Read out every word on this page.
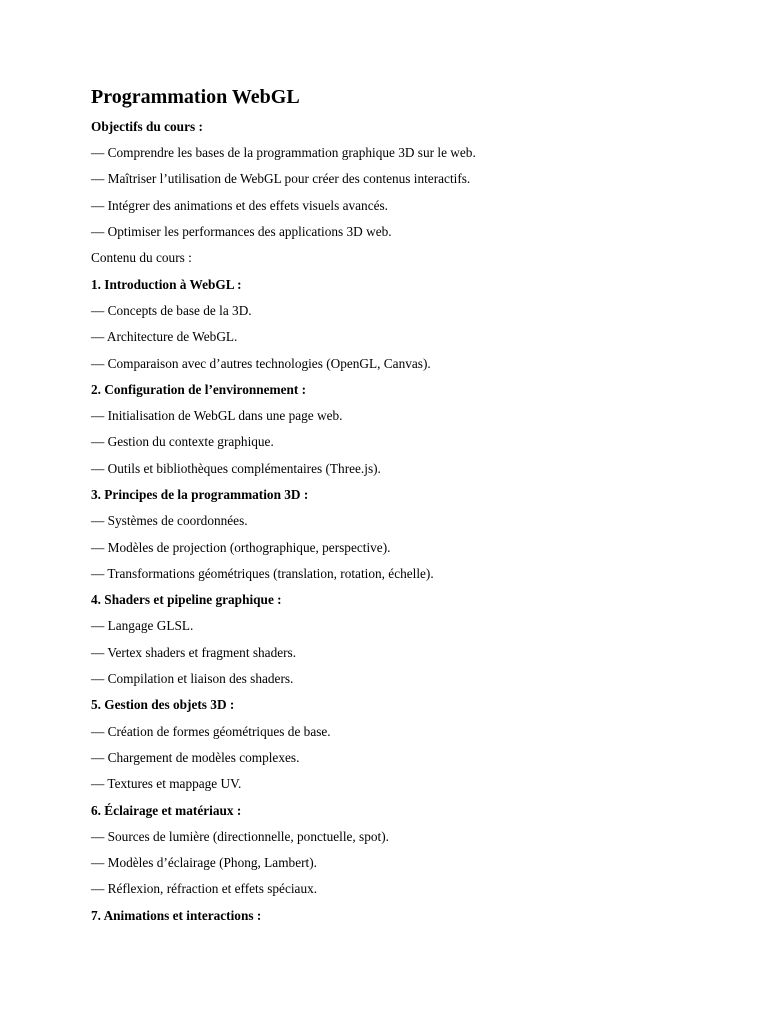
Programmation WebGL
Objectifs du cours :
— Comprendre les bases de la programmation graphique 3D sur le web.
— Maîtriser l’utilisation de WebGL pour créer des contenus interactifs.
— Intégrer des animations et des effets visuels avancés.
— Optimiser les performances des applications 3D web.
Contenu du cours :
1. Introduction à WebGL :
— Concepts de base de la 3D.
— Architecture de WebGL.
— Comparaison avec d’autres technologies (OpenGL, Canvas).
2. Configuration de l’environnement :
— Initialisation de WebGL dans une page web.
— Gestion du contexte graphique.
— Outils et bibliothèques complémentaires (Three.js).
3. Principes de la programmation 3D :
— Systèmes de coordonnées.
— Modèles de projection (orthographique, perspective).
— Transformations géométriques (translation, rotation, échelle).
4. Shaders et pipeline graphique :
— Langage GLSL.
— Vertex shaders et fragment shaders.
— Compilation et liaison des shaders.
5. Gestion des objets 3D :
— Création de formes géométriques de base.
— Chargement de modèles complexes.
— Textures et mappage UV.
6. Éclairage et matériaux :
— Sources de lumière (directionnelle, ponctuelle, spot).
— Modèles d’éclairage (Phong, Lambert).
— Réflexion, réfraction et effets spéciaux.
7. Animations et interactions :
